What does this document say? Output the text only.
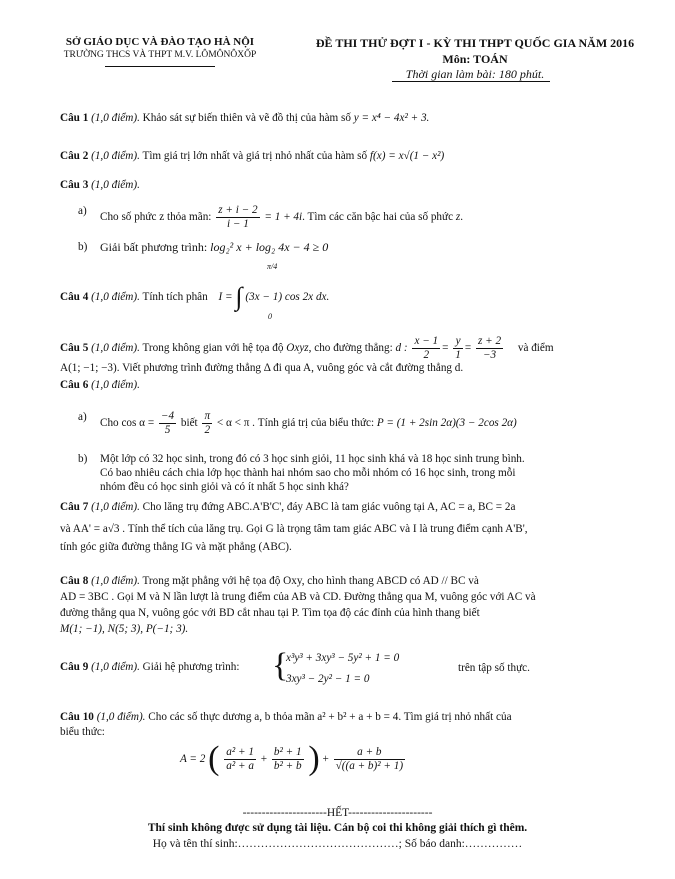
SỞ GIÁO DỤC VÀ ĐÀO TẠO HÀ NỘI
TRƯỜNG THCS VÀ THPT M.V. LÔMÔNÔXỐP
ĐỀ THI THỬ ĐỢT I - KỲ THI THPT QUỐC GIA NĂM 2016
Môn: TOÁN
Thời gian làm bài: 180 phút.
Câu 1 (1,0 điểm). Khảo sát sự biến thiên và vẽ đồ thị của hàm số y = x⁴ − 4x² + 3.
Câu 2 (1,0 điểm). Tìm giá trị lớn nhất và giá trị nhỏ nhất của hàm số f(x) = x√(1 − x²)
Câu 3 (1,0 điểm).
a)
Cho số phức z thỏa mãn: $\frac{z + i - 2}{i - 1} = 1 + 4i$. Tìm các căn bậc hai của số phức z.
b) Giải bất phương trình: log₂² x + log₂ 4x − 4 ≥ 0
Câu 4 (1,0 điểm). Tính tích phân I = ∫ (3x − 1) cos 2x dx.
π/4
0
Câu 5 (1,0 điểm). Trong không gian với hệ tọa độ Oxyz, cho đường thẳng: d : $\frac{x - 1}{2} = \frac{y}{1} = \frac{z + 2}{-3}$ và điểm
A(1; −1; −3). Viết phương trình đường thẳng Δ đi qua A, vuông góc và cắt đường thẳng d.
Câu 6 (1,0 điểm).
a)
Cho $\cos \alpha = \frac{-4}{5}$ biết $\frac{\pi}{2} < \alpha < \pi$ . Tính giá trị của biểu thức: P = (1 + 2sin 2α)(3 − 2cos 2α)
b) Một lớp có 32 học sinh, trong đó có 3 học sinh giỏi, 11 học sinh khá và 18 học sinh trung bình.
Có bao nhiêu cách chia lớp học thành hai nhóm sao cho mỗi nhóm có 16 học sinh, trong mỗi
nhóm đều có học sinh giỏi và có ít nhất 5 học sinh khá?
Câu 7 (1,0 điểm). Cho lăng trụ đứng ABC.A'B'C', đáy ABC là tam giác vuông tại A, AC = a, BC = 2a
và AA' = a√3 . Tính thể tích của lăng trụ. Gọi G là trọng tâm tam giác ABC và I là trung điểm cạnh A'B',
tính góc giữa đường thẳng IG và mặt phẳng (ABC).
Câu 8 (1,0 điểm). Trong mặt phẳng với hệ tọa độ Oxy, cho hình thang ABCD có AD // BC và
AD = 3BC . Gọi M và N lần lượt là trung điểm của AB và CD. Đường thẳng qua M, vuông góc với AC và
đường thẳng qua N, vuông góc với BD cắt nhau tại P. Tìm tọa độ các đỉnh của hình thang biết
M(1; −1), N(5; 3), P(−1; 3).
Câu 9 (1,0 điểm). Giải hệ phương trình: {
x³y³ + 3xy³ − 5y² + 1 = 0
3xy³ − 2y² − 1 = 0
trên tập số thực.
Câu 10 (1,0 điểm). Cho các số thực dương a, b thỏa mãn a² + b² + a + b = 4. Tìm giá trị nhỏ nhất của
biểu thức:
A = 2 ( $\frac{\text{a² + 1}}{\text{a² + a}} + \frac{\text{b² + 1}}{\text{b² + b}}$ ) + $\frac{a + b}{\text{√((a + b)² + 1)}}$
----------------------HẾT----------------------
Thí sinh không được sử dụng tài liệu. Cán bộ coi thi không giải thích gì thêm.
Họ và tên thí sinh:……………………………………; Số báo danh:……………
